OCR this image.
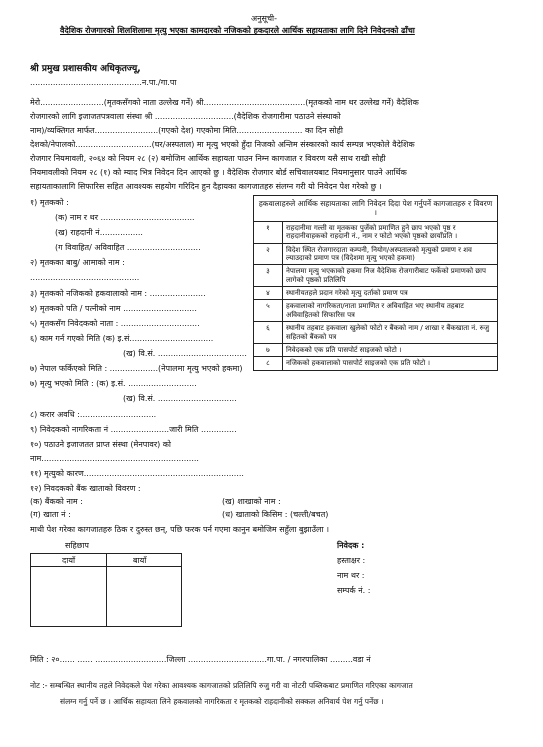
अनुसूची-
वैदेशिक रोजगारको शिलशिलामा मृत्यु भएका कामदारको नजिकको हकदारले आर्थिक सहायताका लागि दिने निवेदनको ढाँचा
श्री प्रमुख प्रशासकीय अधिकृतज्यू,
............................................न.पा./गा.पा
मेरो.........................(मृतकसँगको नाता उल्लेख गर्ने) श्री........................................(मृतकको नाम थर उल्लेख गर्ने) वैदेशिक
रोजगारको लागि इजाजतपत्रवाला संस्था श्री ...............................(वैदेशिक रोजगारीमा पठाउने संस्थाको
नाम)/व्यक्तिगत मार्फत.........................(गएको देश) गएकोमा मिति.......................... का दिन सोही
देशको/नेपालको..............................(घर/अस्पताल) मा मृत्यु भएको हुँदा निजको अन्तिम संस्कारको कार्य सम्पन्न भएकोले वैदेशिक
रोजगार नियमावली, २०६४ को नियम २८ (२) बमोजिम आर्थिक सहायता पाउन निम्न कागजात र विवरण यसै साथ राखी सोही
नियमावलीको नियम २८ (१) को म्याद भित्र निवेदन दिन आएको छु । वैदेशिक रोजगार बोर्ड सचिवालयबाट नियमानुसार पाउने आर्थिक
सहायताकालागि सिफारिस सहित आवश्यक सहयोग गरिदिन हुन दैहायका कागजातहरु संलग्न गरी यो निवेदन पेश गरेको छु ।
१) मृतकको :
(क) नाम र थर .....................................
(ख) राहदानी नं.................
(ग विवाहित/ अविवाहित .............................
२) मृतकका बाबु/ आमाको नाम :
...........................................
३) मृतकको नजिकको हकवालाको नाम : ......................
४) मृतकको पति / पत्नीको नाम .............................
५) मृतकसँग निवेदकको नाता : ...............................
६) काम गर्न गएको मिति (क) इ.सं.................................
(ख) वि.सं. ...................................
७) नेपाल फर्किएको मिति : ...................(नेपालमा मृत्यु भएको हकमा)
७) मृत्यु भएको मिति : (क) इ.सं. ...........................
(ख) वि.सं. ...............................
८) करार अवधि :..............................
९) निवेदकको नागरिकता नं .......................जारी मिति ..............
१०) पठाउने इजाजतत प्राप्त संस्था (मेनपावर) को
नाम..............................................................
११) मृत्युको कारण...............................................................
१२) निवदकको बैंक खाताको विवरण :
(क) बैंकको नाम :	(ख) शाखाको नाम :
(ग) खाता नं :	(ध) खाताको किसिम : (चल्ती/बचत)
माथी पेश गरेका कागजातहरु ठिक र दुरुस्त छन्, पछि फरक पर्न गएमा कानुन बमोजिम सहुँला बुझाउँला ।
हकवालाहरुले आर्थिक सहायताका लागि निवेदन दिदा पेश गर्नुपर्ने कागजातहरु र विवरण ।	
१	राहदानीमा गल्ती वा मृतकका पुर्जेको प्रमाणित हुने छाप भएको पृष्ठ र राहदानीवाहकको राहदानी नं., नाम र फोटो भएको पृष्ठको छायाँप्रति ।
२	विदेश स्थित रोजगारदाता कम्पनी, नियोग/अस्पतालको मृत्युको प्रमाण र शव ल्याउदाको प्रमाण पत्र (विदेशमा मृत्यु भएको हकमा)
३	नेपालमा मृत्यु भएकाको हकमा निज वैदेशिक रोजगारीबाट फर्केको प्रमाणको छाप लागेको पृष्ठको प्रतिलिपि
४	स्थानीयतहले प्रदान गरेको मृत्यु दर्ताको प्रमाण पत्र
५	हकवालाको नागरिकता/नाता प्रमाणित र अविवाहित भए स्थानीय तहबाट अविवाहितको सिफारिस पत्र
६	स्थानीय तहबाट हकवाला खुलेको फोटो र बैंकको नाम / शाखा र बैंकखाता नं. रुजु सहितको बैंकको पत्र
७	निवेदकको एक प्रति पासपोर्ट साइजको फोटो ।
८	नजिकको हकवालाको पासपोर्ट साइजको एक प्रति फोटो ।
सहिछाप
दायाँ	बायाँ
निवेदक :
हस्ताक्षर :
नाम थर :
सम्पर्क नं. :
मिति : २०...... ...... ............................जिल्ला ...............................गा.पा. / नगरपालिका .........वडा नं
नोट :- सम्बन्धित स्थानीय तहले निवेदकले पेश गरेका आवश्यक कागजातको प्रतिलिपि रुजु गरी वा नोटरी पब्लिकबाट प्रमाणित गरिएका कागजात
संलग्न गर्नु पर्ने छ । आर्थिक सहायता लिने हकवालको नागरिकता र मृतकको राहदानीको सक्कल अनिवार्य पेश गर्नु पर्नेछ ।
